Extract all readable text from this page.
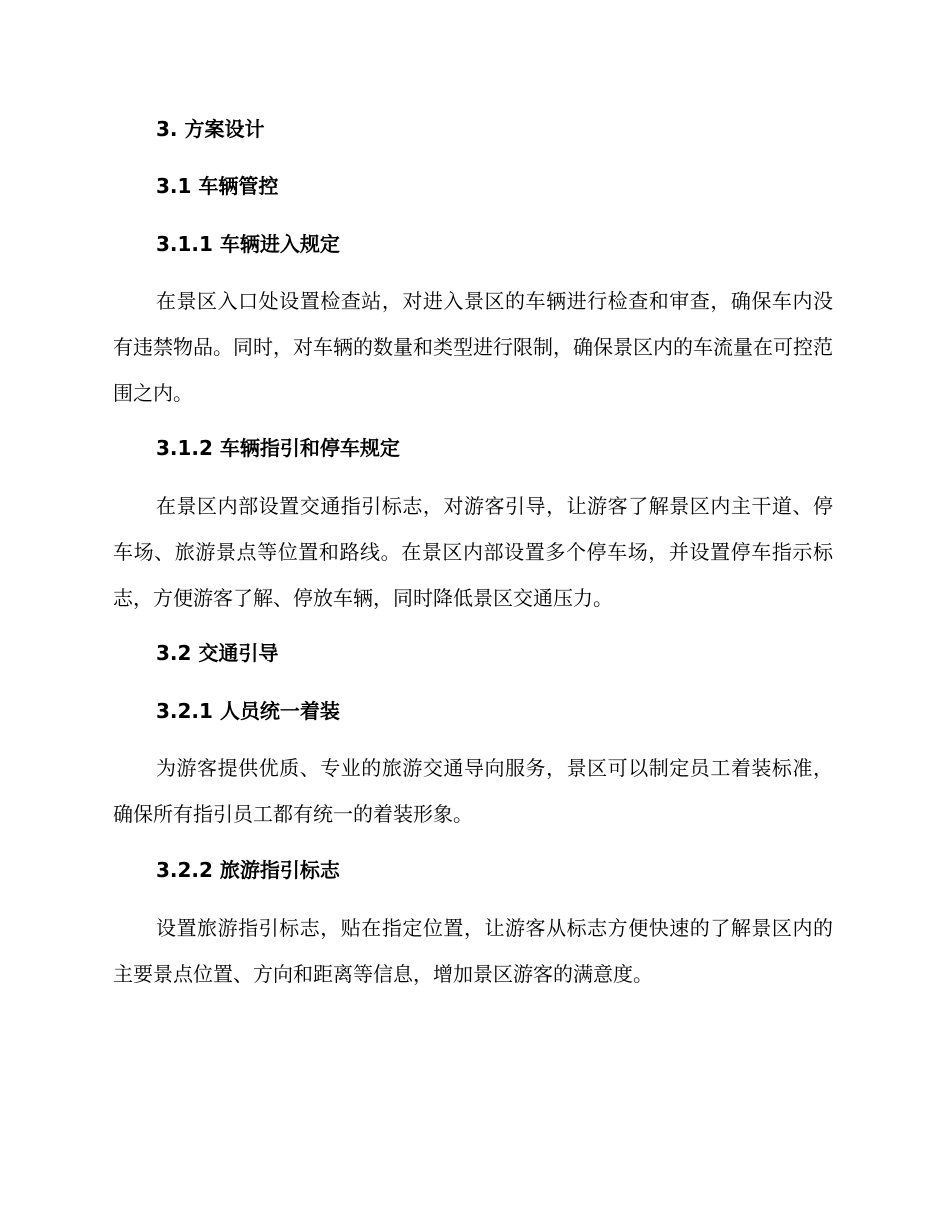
3. 方案设计
3.1 车辆管控
3.1.1 车辆进入规定
在景区入口处设置检查站，对进入景区的车辆进行检查和审查，确保车内没有违禁物品。同时，对车辆的数量和类型进行限制，确保景区内的车流量在可控范围之内。
3.1.2 车辆指引和停车规定
在景区内部设置交通指引标志，对游客引导，让游客了解景区内主干道、停车场、旅游景点等位置和路线。在景区内部设置多个停车场，并设置停车指示标志，方便游客了解、停放车辆，同时降低景区交通压力。
3.2 交通引导
3.2.1 人员统一着装
为游客提供优质、专业的旅游交通导向服务，景区可以制定员工着装标准，确保所有指引员工都有统一的着装形象。
3.2.2 旅游指引标志
设置旅游指引标志，贴在指定位置，让游客从标志方便快速的了解景区内的主要景点位置、方向和距离等信息，增加景区游客的满意度。
